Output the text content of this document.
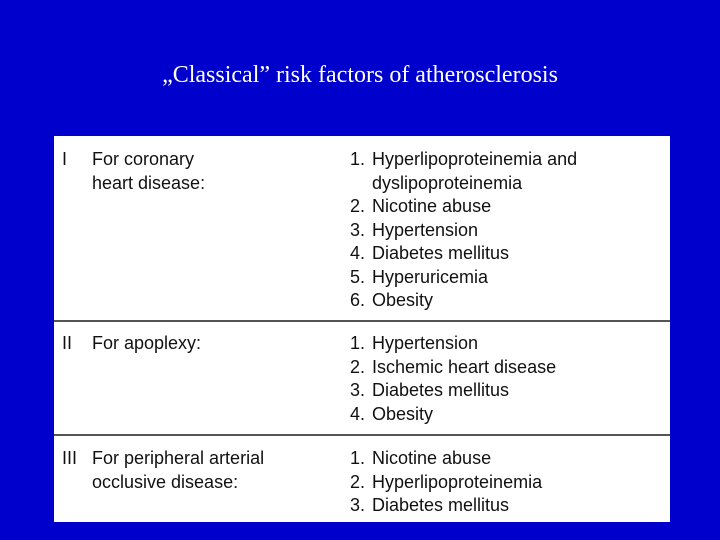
„Classical” risk factors of atherosclerosis
I For coronary
heart disease:
1. Hyperlipoproteinemia and
dyslipoproteinemia
2. Nicotine abuse
3. Hypertension
4. Diabetes mellitus
5. Hyperuricemia
6. Obesity
II For apoplexy:	1. Hypertension
2. Ischemic heart disease
3. Diabetes mellitus
4. Obesity
III For peripheral arterial
occlusive disease:
1. Nicotine abuse
2. Hyperlipoproteinemia
3. Diabetes mellitus
